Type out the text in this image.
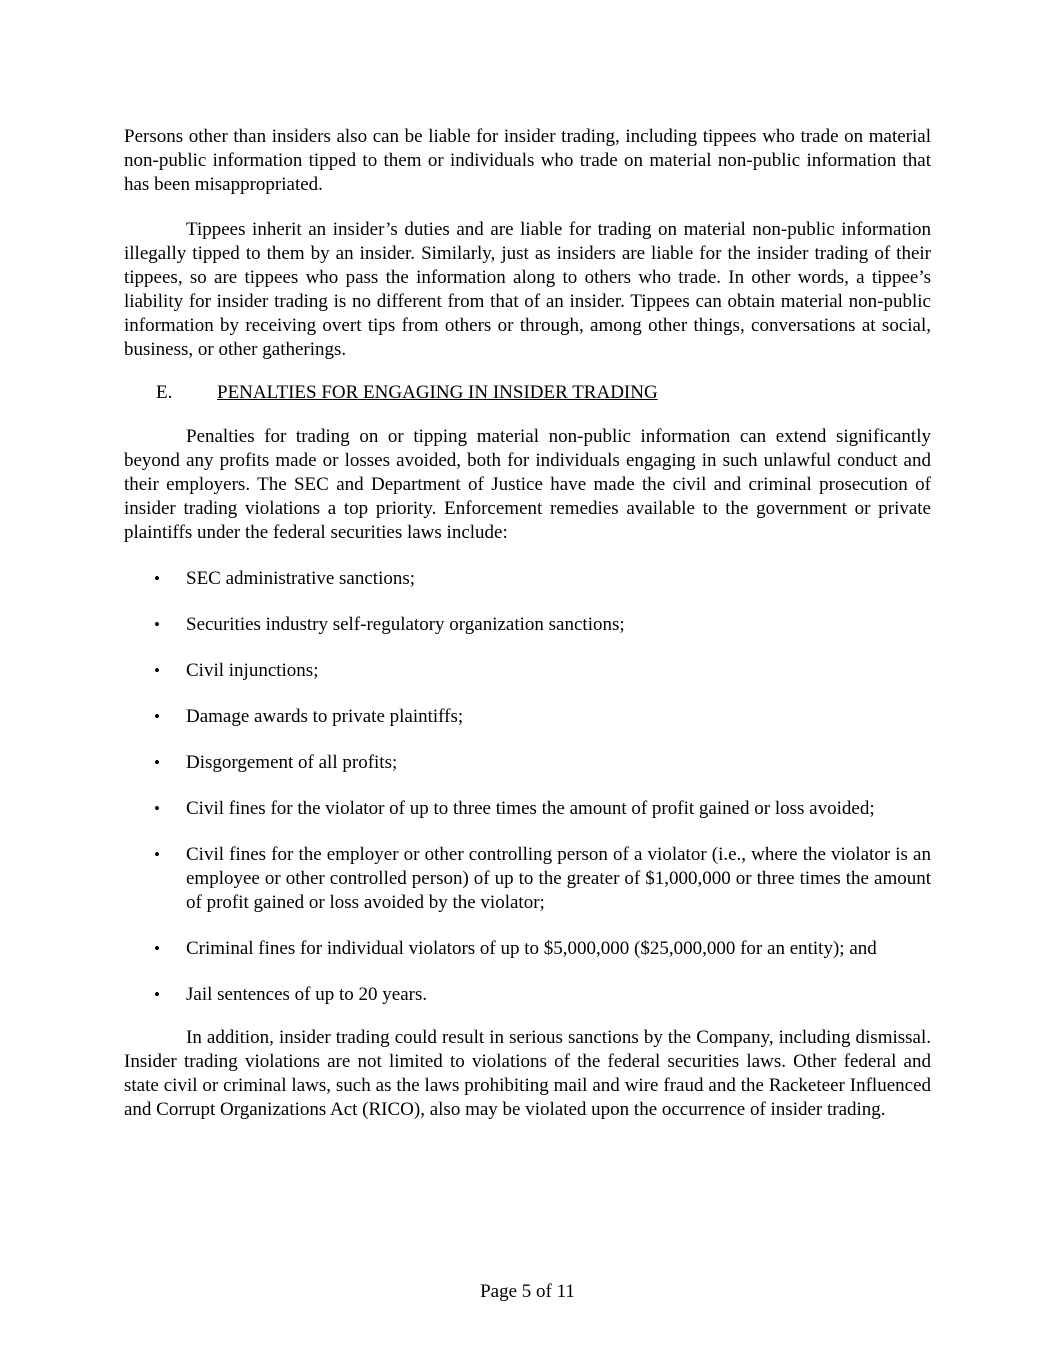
Persons other than insiders also can be liable for insider trading, including tippees who trade on material non-public information tipped to them or individuals who trade on material non-public information that has been misappropriated.

Tippees inherit an insider’s duties and are liable for trading on material non-public information illegally tipped to them by an insider. Similarly, just as insiders are liable for the insider trading of their tippees, so are tippees who pass the information along to others who trade. In other words, a tippee’s liability for insider trading is no different from that of an insider. Tippees can obtain material non-public information by receiving overt tips from others or through, among other things, conversations at social, business, or other gatherings.

E. PENALTIES FOR ENGAGING IN INSIDER TRADING

Penalties for trading on or tipping material non-public information can extend significantly beyond any profits made or losses avoided, both for individuals engaging in such unlawful conduct and their employers. The SEC and Department of Justice have made the civil and criminal prosecution of insider trading violations a top priority. Enforcement remedies available to the government or private plaintiffs under the federal securities laws include:

• SEC administrative sanctions;
• Securities industry self-regulatory organization sanctions;
• Civil injunctions;
• Damage awards to private plaintiffs;
• Disgorgement of all profits;
• Civil fines for the violator of up to three times the amount of profit gained or loss avoided;
• Civil fines for the employer or other controlling person of a violator (i.e., where the violator is an employee or other controlled person) of up to the greater of $1,000,000 or three times the amount of profit gained or loss avoided by the violator;
• Criminal fines for individual violators of up to $5,000,000 ($25,000,000 for an entity); and
• Jail sentences of up to 20 years.

In addition, insider trading could result in serious sanctions by the Company, including dismissal. Insider trading violations are not limited to violations of the federal securities laws. Other federal and state civil or criminal laws, such as the laws prohibiting mail and wire fraud and the Racketeer Influenced and Corrupt Organizations Act (RICO), also may be violated upon the occurrence of insider trading.

Page 5 of 11
